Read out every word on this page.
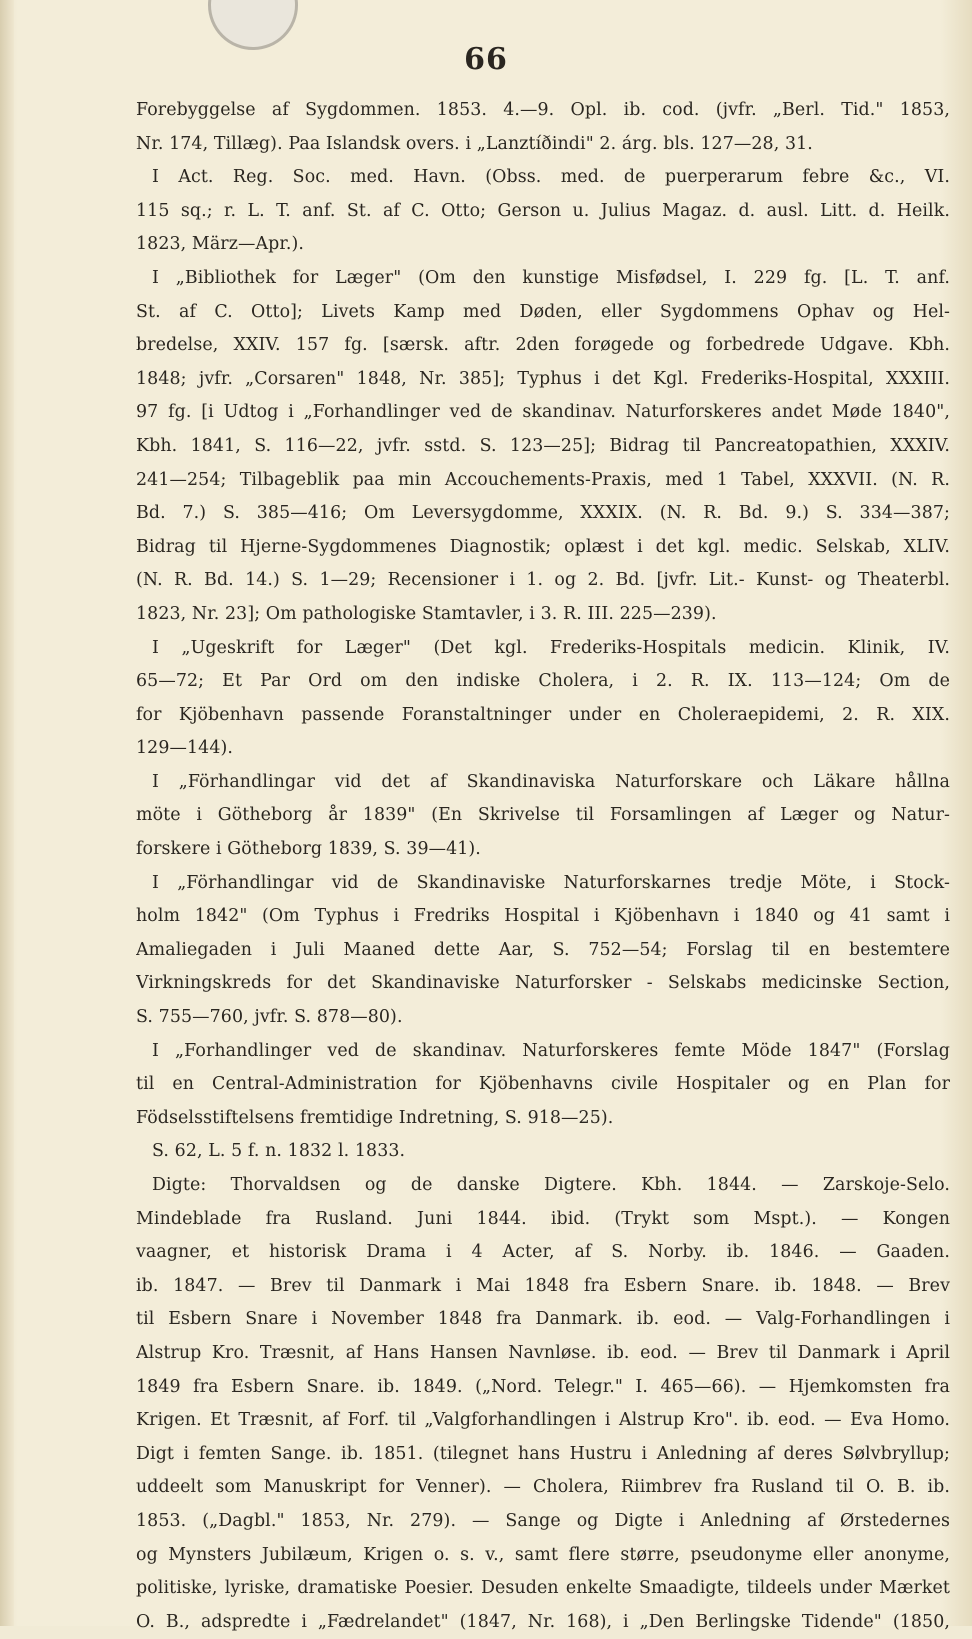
66
Forebyggelse af Sygdommen. 1853. 4.—9. Opl. ib. cod. (jvfr. „Berl. Tid." 1853,
Nr. 174, Tillæg). Paa Islandsk overs. i „Lanztíðindi" 2. árg. bls. 127—28, 31.
I Act. Reg. Soc. med. Havn. (Obss. med. de puerperarum febre &c., VI.
115 sq.; r. L. T. anf. St. af C. Otto; Gerson u. Julius Magaz. d. ausl. Litt. d. Heilk.
1823, März—Apr.).
I „Bibliothek for Læger" (Om den kunstige Misfødsel, I. 229 fg. [L. T. anf.
St. af C. Otto]; Livets Kamp med Døden, eller Sygdommens Ophav og Hel-
bredelse, XXIV. 157 fg. [særsk. aftr. 2den forøgede og forbedrede Udgave. Kbh.
1848; jvfr. „Corsaren" 1848, Nr. 385]; Typhus i det Kgl. Frederiks-Hospital, XXXIII.
97 fg. [i Udtog i „Forhandlinger ved de skandinav. Naturforskeres andet Møde 1840",
Kbh. 1841, S. 116—22, jvfr. sstd. S. 123—25]; Bidrag til Pancreatopathien, XXXIV.
241—254; Tilbageblik paa min Accouchements-Praxis, med 1 Tabel, XXXVII. (N. R.
Bd. 7.) S. 385—416; Om Leversygdomme, XXXIX. (N. R. Bd. 9.) S. 334—387;
Bidrag til Hjerne-Sygdommenes Diagnostik; oplæst i det kgl. medic. Selskab, XLIV.
(N. R. Bd. 14.) S. 1—29; Recensioner i 1. og 2. Bd. [jvfr. Lit.- Kunst- og Theaterbl.
1823, Nr. 23]; Om pathologiske Stamtavler, i 3. R. III. 225—239).
I „Ugeskrift for Læger" (Det kgl. Frederiks-Hospitals medicin. Klinik, IV.
65—72; Et Par Ord om den indiske Cholera, i 2. R. IX. 113—124; Om de
for Kjöbenhavn passende Foranstaltninger under en Choleraepidemi, 2. R. XIX.
129—144).
I „Förhandlingar vid det af Skandinaviska Naturforskare och Läkare hållna
möte i Götheborg år 1839" (En Skrivelse til Forsamlingen af Læger og Natur-
forskere i Götheborg 1839, S. 39—41).
I „Förhandlingar vid de Skandinaviske Naturforskarnes tredje Möte, i Stock-
holm 1842" (Om Typhus i Fredriks Hospital i Kjöbenhavn i 1840 og 41 samt i
Amaliegaden i Juli Maaned dette Aar, S. 752—54; Forslag til en bestemtere
Virkningskreds for det Skandinaviske Naturforsker - Selskabs medicinske Section,
S. 755—760, jvfr. S. 878—80).
I „Forhandlinger ved de skandinav. Naturforskeres femte Möde 1847" (Forslag
til en Central-Administration for Kjöbenhavns civile Hospitaler og en Plan for
Födselsstiftelsens fremtidige Indretning, S. 918—25).
S. 62, L. 5 f. n. 1832 l. 1833.
Digte: Thorvaldsen og de danske Digtere. Kbh. 1844. — Zarskoje-Selo.
Mindeblade fra Rusland. Juni 1844. ibid. (Trykt som Mspt.). — Kongen
vaagner, et historisk Drama i 4 Acter, af S. Norby. ib. 1846. — Gaaden.
ib. 1847. — Brev til Danmark i Mai 1848 fra Esbern Snare. ib. 1848. — Brev
til Esbern Snare i November 1848 fra Danmark. ib. eod. — Valg-Forhandlingen i
Alstrup Kro. Træsnit, af Hans Hansen Navnløse. ib. eod. — Brev til Danmark i April
1849 fra Esbern Snare. ib. 1849. („Nord. Telegr." I. 465—66). — Hjemkomsten fra
Krigen. Et Træsnit, af Forf. til „Valgforhandlingen i Alstrup Kro". ib. eod. — Eva Homo.
Digt i femten Sange. ib. 1851. (tilegnet hans Hustru i Anledning af deres Sølvbryllup;
uddeelt som Manuskript for Venner). — Cholera, Riimbrev fra Rusland til O. B. ib.
1853. („Dagbl." 1853, Nr. 279). — Sange og Digte i Anledning af Ørstedernes
og Mynsters Jubilæum, Krigen o. s. v., samt flere større, pseudonyme eller anonyme,
politiske, lyriske, dramatiske Poesier. Desuden enkelte Smaadigte, tildeels under Mærket
O. B., adspredte i „Fædrelandet" (1847, Nr. 168), i „Den Berlingske Tidende" (1850,
